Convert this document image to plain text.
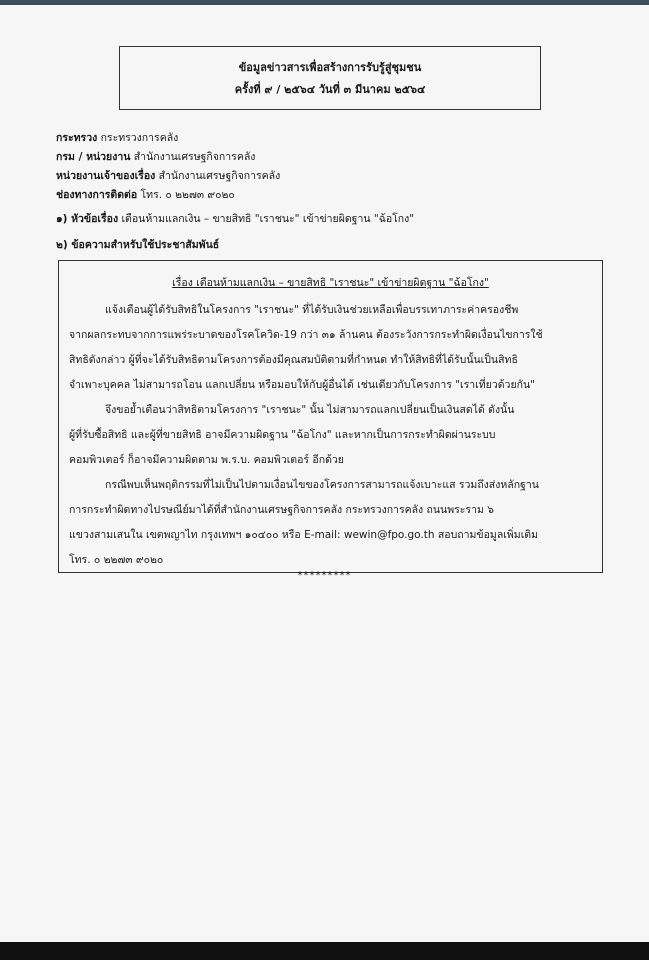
ข้อมูลข่าวสารเพื่อสร้างการรับรู้สู่ชุมชน
ครั้งที่ ๙ / ๒๕๖๔ วันที่ ๓ มีนาคม ๒๕๖๔
กระทรวง กระทรวงการคลัง
กรม / หน่วยงาน สำนักงานเศรษฐกิจการคลัง
หน่วยงานเจ้าของเรื่อง สำนักงานเศรษฐกิจการคลัง
ช่องทางการติดต่อ โทร. ๐ ๒๒๗๓ ๙๐๒๐
๑) หัวข้อเรื่อง เตือนห้ามแลกเงิน – ขายสิทธิ "เราชนะ" เข้าข่ายผิดฐาน "ฉ้อโกง"
๒) ข้อความสำหรับใช้ประชาสัมพันธ์
เรื่อง เตือนห้ามแลกเงิน – ขายสิทธิ "เราชนะ" เข้าข่ายผิดฐาน "ฉ้อโกง"
แจ้งเตือนผู้ได้รับสิทธิในโครงการ "เราชนะ" ที่ได้รับเงินช่วยเหลือเพื่อบรรเทาภาระค่าครองชีพ
จากผลกระทบจากการแพร่ระบาดของโรคโควิด-19 กว่า ๓๑ ล้านคน ต้องระวังการกระทำผิดเงื่อนไขการใช้
สิทธิดังกล่าว ผู้ที่จะได้รับสิทธิตามโครงการต้องมีคุณสมบัติตามที่กำหนด ทำให้สิทธิที่ได้รับนั้นเป็นสิทธิ
จำเพาะบุคคล ไม่สามารถโอน แลกเปลี่ยน หรือมอบให้กับผู้อื่นได้ เช่นเดียวกับโครงการ "เราเที่ยวด้วยกัน"
จึงขอย้ำเตือนว่าสิทธิตามโครงการ "เราชนะ" นั้น ไม่สามารถแลกเปลี่ยนเป็นเงินสดได้ ดังนั้น
ผู้ที่รับซื้อสิทธิ และผู้ที่ขายสิทธิ อาจมีความผิดฐาน "ฉ้อโกง" และหากเป็นการกระทำผิดผ่านระบบ
คอมพิวเตอร์ ก็อาจมีความผิดตาม พ.ร.บ. คอมพิวเตอร์ อีกด้วย
กรณีพบเห็นพฤติกรรมที่ไม่เป็นไปตามเงื่อนไขของโครงการสามารถแจ้งเบาะแส รวมถึงส่งหลักฐาน
การกระทำผิดทางไปรษณีย์มาได้ที่สำนักงานเศรษฐกิจการคลัง กระทรวงการคลัง ถนนพระราม ๖
แขวงสามเสนใน เขตพญาไท กรุงเทพฯ ๑๐๔๐๐ หรือ E-mail: wewin@fpo.go.th สอบถามข้อมูลเพิ่มเติม
โทร. ๐ ๒๒๗๓ ๙๐๒๐
*********
